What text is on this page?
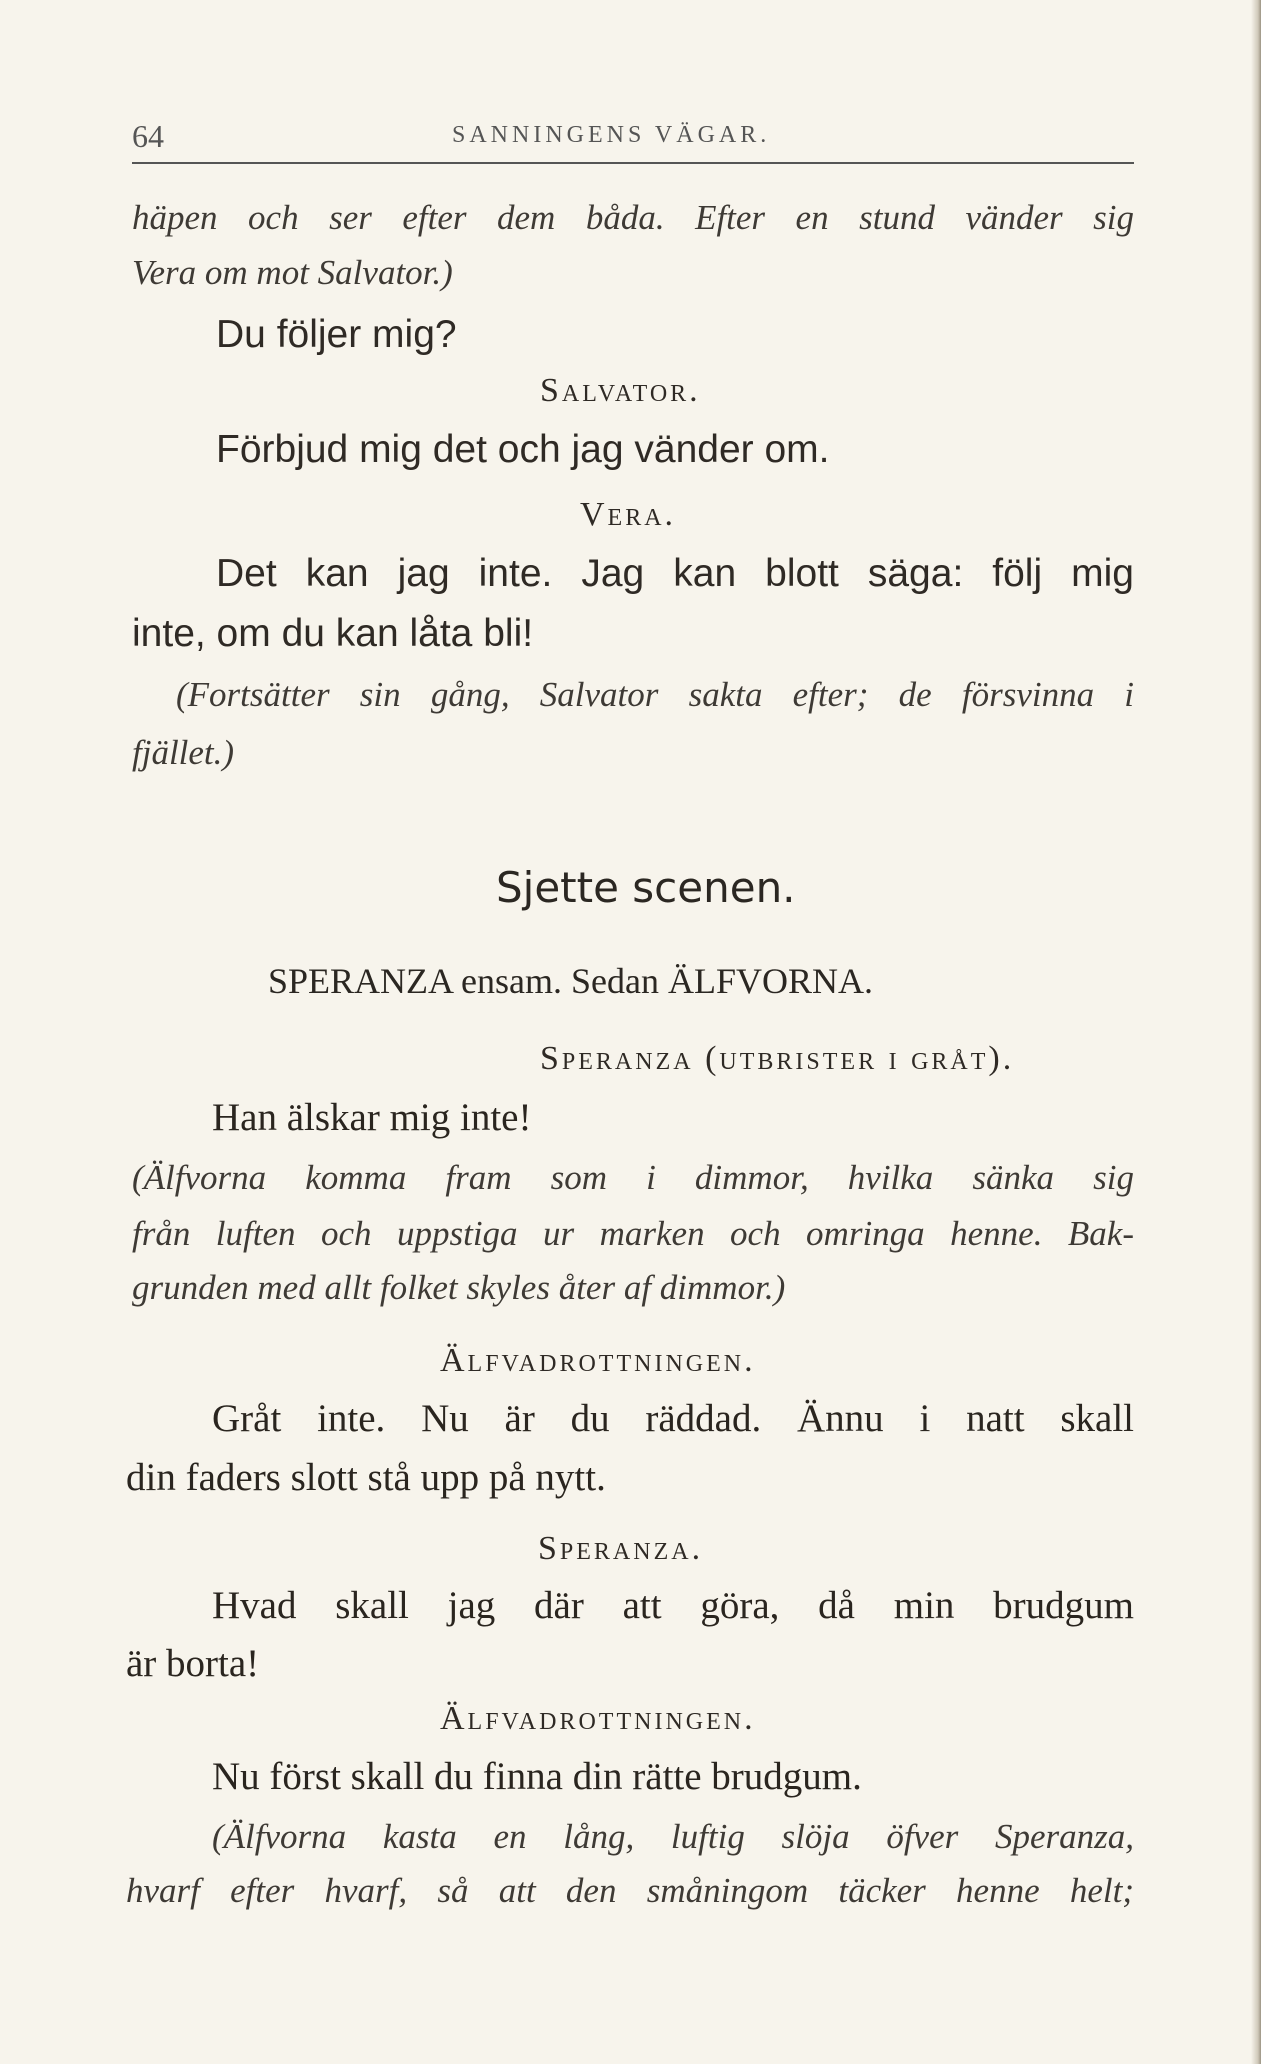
64	SANNINGENS VÄGAR.
häpen och ser efter dem båda. Efter en stund vänder sig
Vera om mot Salvator.)
Du följer mig?
Salvator.
Förbjud mig det och jag vänder om.
Vera.
Det kan jag inte. Jag kan blott säga: följ mig
inte, om du kan låta bli!
(Fortsätter sin gång, Salvator sakta efter; de försvinna i
fjället.)
Sjette scenen.
SPERANZA ensam. Sedan ÄLFVORNA.
Speranza (utbrister i gråt).
Han älskar mig inte!
(Älfvorna komma fram som i dimmor, hvilka sänka sig
från luften och uppstiga ur marken och omringa henne. Bak-
grunden med allt folket skyles åter af dimmor.)
Älfvadrottningen.
Gråt inte. Nu är du räddad. Ännu i natt skall
din faders slott stå upp på nytt.
Speranza.
Hvad skall jag där att göra, då min brudgum
är borta!
Älfvadrottningen.
Nu först skall du finna din rätte brudgum.
(Älfvorna kasta en lång, luftig slöja öfver Speranza,
hvarf efter hvarf, så att den småningom täcker henne helt;
